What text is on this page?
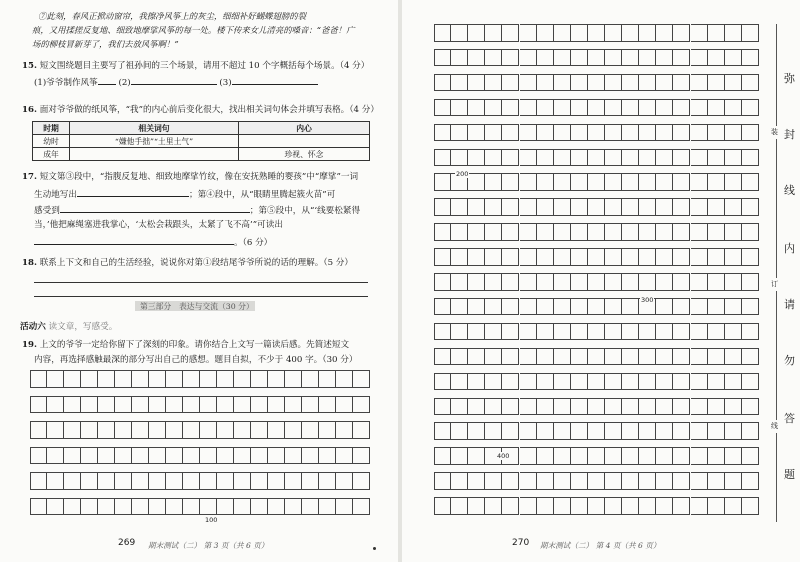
⑦此刻，春风正掀动窗帘，我擦净风筝上的灰尘，细细补好蝴蝶翅膀的裂
痕，又用揉搓反复地、细致地摩挲风筝的每一处。楼下传来女儿清亮的嗓音：“爸爸！广
场的柳枝冒新芽了，我们去放风筝啊！”
15. 短文围绕题目主要写了祖孙间的三个场景，请用不超过 10 个字概括每个场景。（4 分）
(1)爷爷制作风筝 (2)	(3)
16. 面对爷爷做的纸风筝，“我”的内心前后变化很大，找出相关词句体会并填写表格。（4 分）
时期	相关词句	内心
幼时	“嫌他手拙”“土里土气”	
成年		珍视、怀念
17. 短文第③段中，“指腹反复地、细致地摩挲竹纹，像在安抚熟睡的婴孩”中“摩挲”一词
生动地写出	；第④段中，从“眼睛里腾起簇火苗”可
感受到	；第⑤段中，从“‘线要松紧得
当，’他把麻绳塞进我掌心，‘太松会栽跟头，太紧了飞不高’”可读出
。（6 分）
18. 联系上下文和自己的生活经验，说说你对第①段结尾爷爷所说的话的理解。（5 分）
第三部分　表达与交流（30 分）
活动六 读文章，写感受。
19. 上文的爷爷一定给你留下了深刻的印象。请你结合上文写一篇读后感。先简述短文
内容，再选择感触最深的部分写出自己的感想。题目自拟，不少于 400 字。（30 分）
100
269 期末测试（二） 第 3 页（共 6 页）
200
300
400
装
订
线
弥
封
线
内
请
勿
答
题
270 期末测试（二） 第 4 页（共 6 页）
